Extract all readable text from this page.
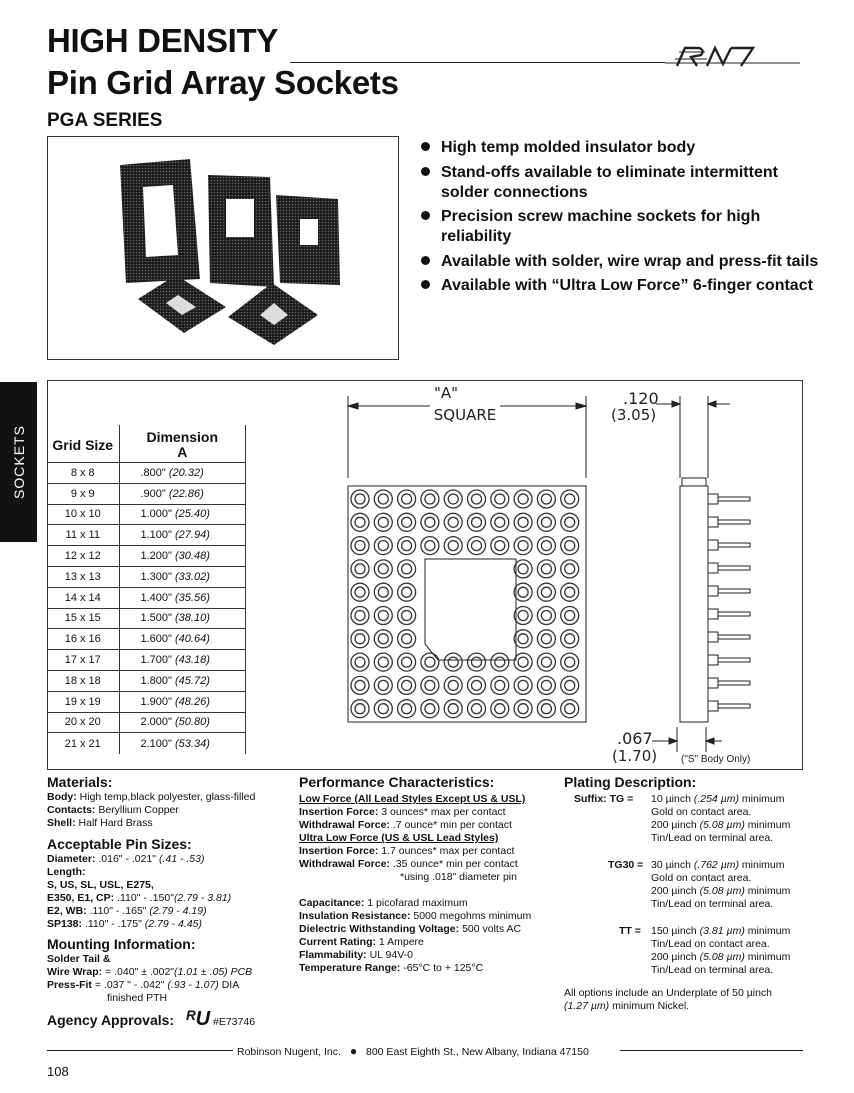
HIGH DENSITY
Pin Grid Array Sockets
PGA SERIES
High temp molded insulator body
Stand-offs available to eliminate intermittent solder connections
Precision screw machine sockets for high reliability
Available with solder, wire wrap and press-fit tails
Available with “Ultra Low Force” 6-finger contact
SOCKETS Grid Size	Dimension
A
8 x 8	.800" (20.32)
9 x 9	.900" (22.86)
10 x 10	1.000" (25.40)
11 x 11	1.100" (27.94)
12 x 12	1.200" (30.48)
13 x 13	1.300" (33.02)
14 x 14	1.400" (35.56)
15 x 15	1.500" (38.10)
16 x 16	1.600" (40.64)
17 x 17	1.700" (43.18)
18 x 18	1.800" (45.72)
19 x 19	1.900" (48.26)
20 x 20	2.000" (50.80)
21 x 21	2.100" (53.34)
"A"
SQUARE
.120
(3.05)
.067
(1.70) ("S" Body Only)
Materials:
Body: High temp,black polyester, glass-filled
Contacts: Beryllium Copper
Shell: Half Hard Brass
Acceptable Pin Sizes:
Diameter: .016" - .021" (.41 - .53)
Length:
S, US, SL, USL, E275,
E350, E1, CP: .110" - .150"(2.79 - 3.81)
E2, WB: .110" - .165" (2.79 - 4.19)
SP138: .110" - .175" (2.79 - 4.45)
Mounting Information:
Solder Tail &
Wire Wrap: = .040" ± .002"(1.01 ± .05) PCB
Press-Fit = .037 " - .042" (.93 - 1.07) DIA
finished PTH
Agency Approvals: ᴿU #E73746
Performance Characteristics:
Low Force (All Lead Styles Except US & USL)
Insertion Force: 3 ounces* max per contact
Withdrawal Force: .7 ounce* min per contact
Ultra Low Force (US & USL Lead Styles)
Insertion Force: 1.7 ounces* max per contact
Withdrawal Force: .35 ounce* min per contact
*using .018" diameter pin
Capacitance: 1 picofarad maximum
Insulation Resistance: 5000 megohms minimum
Dielectric Withstanding Voltage: 500 volts AC
Current Rating: 1 Ampere
Flammability: UL 94V-0
Temperature Range: -65°C to + 125°C
Plating Description:
Suffix: TG = 10 µinch (.254 µm) minimum
Gold on contact area.
200 µinch (5.08 µm) minimum
Tin/Lead on terminal area.
TG30 = 30 µinch (.762 µm) minimum
Gold on contact area.
200 µinch (5.08 µm) minimum
Tin/Lead on terminal area.
TT = 150 µinch (3.81 µm) minimum
Tin/Lead on contact area.
200 µinch (5.08 µm) minimum
Tin/Lead on terminal area.
All options include an Underplate of 50 µinch
(1.27 µm) minimum Nickel.
Robinson Nugent, Inc. ● 800 East Eighth St., New Albany, Indiana 47150
108
